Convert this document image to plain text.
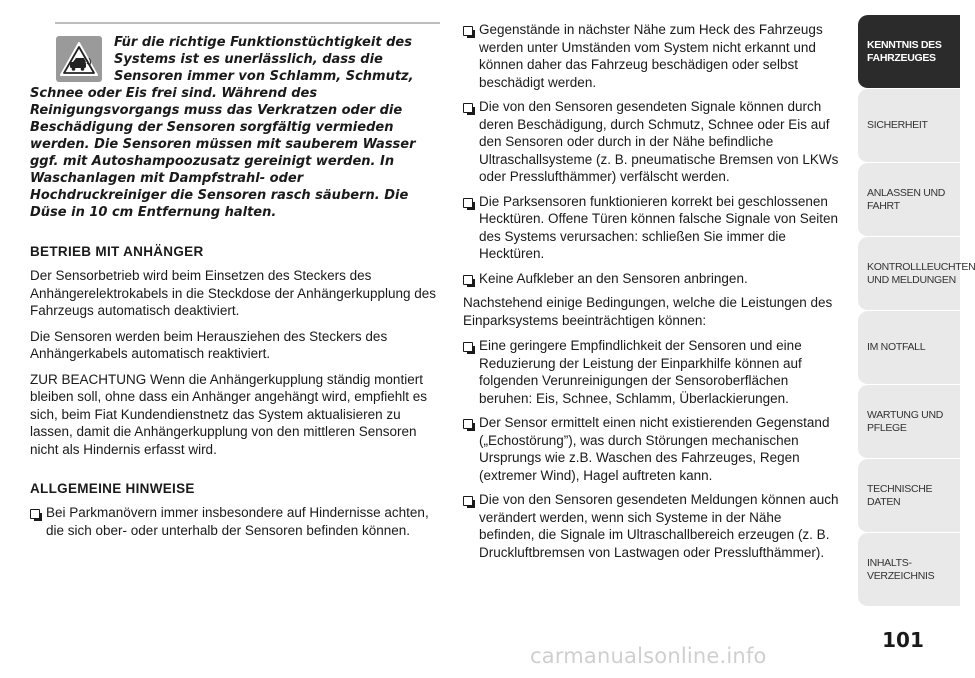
Für die richtige Funktionstüchtigkeit des Systems ist es unerlässlich, dass die Sensoren immer von Schlamm, Schmutz, Schnee oder Eis frei sind. Während des Reinigungsvorgangs muss das Verkratzen oder die Beschädigung der Sensoren sorgfältig vermieden werden. Die Sensoren müssen mit sauberem Wasser ggf. mit Autoshampoozusatz gereinigt werden. In Waschanlagen mit Dampfstrahl- oder Hochdruckreiniger die Sensoren rasch säubern. Die Düse in 10 cm Entfernung halten.

BETRIEB MIT ANHÄNGER

Der Sensorbetrieb wird beim Einsetzen des Steckers des Anhängerelektrokabels in die Steckdose der Anhängerkupplung des Fahrzeugs automatisch deaktiviert.

Die Sensoren werden beim Herausziehen des Steckers des Anhängerkabels automatisch reaktiviert.

ZUR BEACHTUNG Wenn die Anhängerkupplung ständig montiert bleiben soll, ohne dass ein Anhänger angehängt wird, empfiehlt es sich, beim Fiat Kundendienstnetz das System aktualisieren zu lassen, damit die Anhängerkupplung von den mittleren Sensoren nicht als Hindernis erfasst wird.

ALLGEMEINE HINWEISE
Bei Parkmanövern immer insbesondere auf Hindernisse achten, die sich ober- oder unterhalb der Sensoren befinden können.
Gegenstände in nächster Nähe zum Heck des Fahrzeugs werden unter Umständen vom System nicht erkannt und können daher das Fahrzeug beschädigen oder selbst beschädigt werden.
Die von den Sensoren gesendeten Signale können durch deren Beschädigung, durch Schmutz, Schnee oder Eis auf den Sensoren oder durch in der Nähe befindliche Ultraschallsysteme (z. B. pneumatische Bremsen von LKWs oder Presslufthämmer) verfälscht werden.
Die Parksensoren funktionieren korrekt bei geschlossenen Hecktüren. Offene Türen können falsche Signale von Seiten des Systems verursachen: schließen Sie immer die Hecktüren.
Keine Aufkleber an den Sensoren anbringen.

Nachstehend einige Bedingungen, welche die Leistungen des Einparksystems beeinträchtigen können:

Eine geringere Empfindlichkeit der Sensoren und eine Reduzierung der Leistung der Einparkhilfe können auf folgenden Verunreinigungen der Sensoroberflächen beruhen: Eis, Schnee, Schlamm, Überlackierungen.
Der Sensor ermittelt einen nicht existierenden Gegenstand („Echostörung”), was durch Störungen mechanischen Ursprungs wie z.B. Waschen des Fahrzeuges, Regen (extremer Wind), Hagel auftreten kann.
Die von den Sensoren gesendeten Meldungen können auch verändert werden, wenn sich Systeme in der Nähe befinden, die Signale im Ultraschallbereich erzeugen (z. B. Druckluftbremsen von Lastwagen oder Presslufthämmer).
KENNTNIS DES
FAHRZEUGES
SICHERHEIT
ANLASSEN UND
FAHRT
KONTROLLLEUCHTEN
UND MELDUNGEN
IM NOTFALL
WARTUNG UND
PFLEGE
TECHNISCHE DATEN
INHALTS-
VERZEICHNIS
101
carmanualsonline.info
